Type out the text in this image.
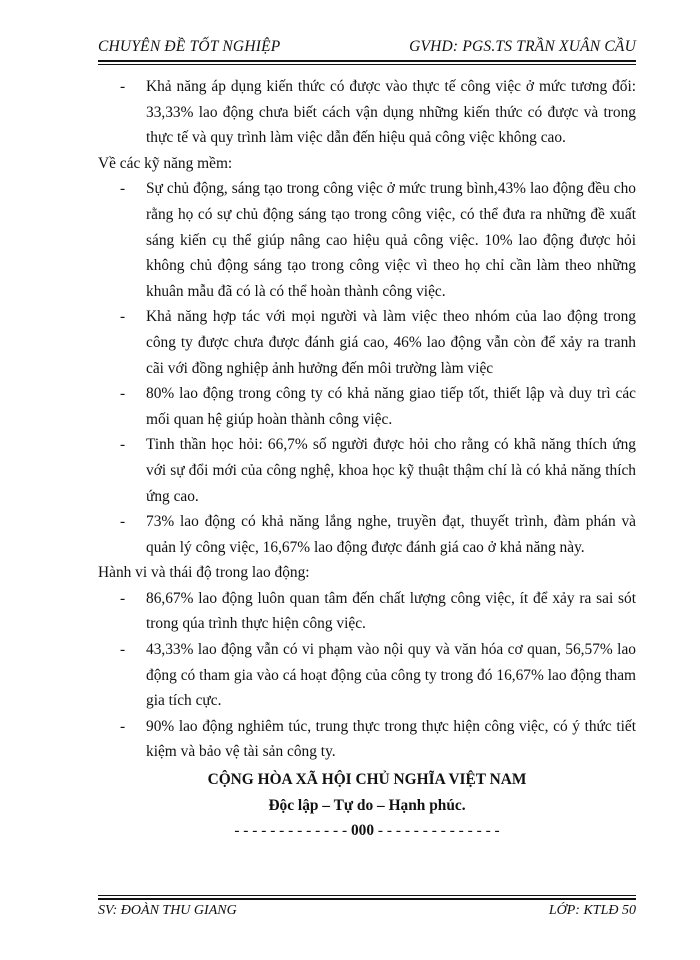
CHUYÊN ĐỀ TỐT NGHIỆP	GVHD: PGS.TS TRẦN XUÂN CẦU

- Khả năng áp dụng kiến thức có được vào thực tế công việc ở mức tương đối: 33,33% lao động chưa biết cách vận dụng những kiến thức có được và trong thực tế và quy trình làm việc dẫn đến hiệu quả công việc không cao.

Về các kỹ năng mềm:

- Sự chủ động, sáng tạo trong công việc ở mức trung bình,43% lao động đều cho rằng họ có sự chủ động sáng tạo trong công việc, có thể đưa ra những đề xuất sáng kiến cụ thể giúp nâng cao hiệu quả công việc. 10% lao động được hỏi không chủ động sáng tạo trong công việc vì theo họ chỉ cần làm theo những khuân mẫu đã có là có thể hoàn thành công việc.

- Khả năng hợp tác với mọi người và làm việc theo nhóm của lao động trong công ty được chưa được đánh giá cao, 46% lao động vẫn còn để xảy ra tranh cãi với đồng nghiệp ảnh hưởng đến môi trường làm việc

- 80% lao động trong công ty có khả năng giao tiếp tốt, thiết lập và duy trì các mối quan hệ giúp hoàn thành công việc.

- Tinh thần học hỏi: 66,7% số người được hỏi cho rằng có khã năng thích ứng với sự đổi mới của công nghệ, khoa học kỹ thuật thậm chí là có khả năng thích ứng cao.

- 73% lao động có khả năng lắng nghe, truyền đạt, thuyết trình, đàm phán và quản lý công việc, 16,67% lao động được đánh giá cao ở khả năng này.

Hành vi và thái độ trong lao động:

- 86,67% lao động luôn quan tâm đến chất lượng công việc, ít để xảy ra sai sót trong qúa trình thực hiện công việc.

- 43,33% lao động vẫn có vi phạm vào nội quy và văn hóa cơ quan, 56,57% lao động có tham gia vào cá hoạt động của công ty trong đó 16,67% lao động tham gia tích cực.

- 90% lao động nghiêm túc, trung thực trong thực hiện công việc, có ý thức tiết kiệm và bảo vệ tài sản công ty.

CỘNG HÒA XÃ HỘI CHỦ NGHĨA VIỆT NAM
Độc lập – Tự do – Hạnh phúc.
- - - - - - - - - - - - - 000 - - - - - - - - - - - - - -
SV: ĐOÀN THU GIANG	LỚP: KTLĐ 50
